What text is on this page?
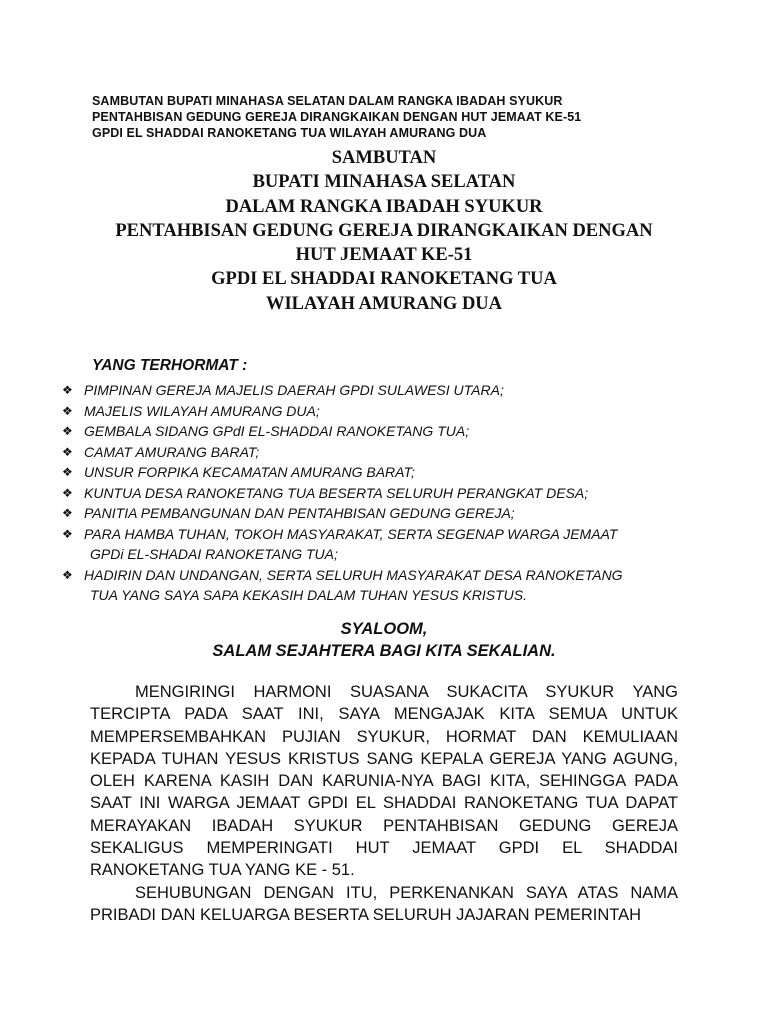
SAMBUTAN BUPATI MINAHASA SELATAN DALAM RANGKA IBADAH SYUKUR
PENTAHBISAN GEDUNG GEREJA DIRANGKAIKAN DENGAN HUT JEMAAT KE-51
GPDI EL SHADDAI RANOKETANG TUA WILAYAH AMURANG DUA
SAMBUTAN
BUPATI MINAHASA SELATAN
DALAM RANGKA IBADAH SYUKUR
PENTAHBISAN GEDUNG GEREJA DIRANGKAIKAN DENGAN
HUT JEMAAT KE-51
GPDI EL SHADDAI RANOKETANG TUA
WILAYAH AMURANG DUA
YANG TERHORMAT :
❖ PIMPINAN GEREJA MAJELIS DAERAH GPDI SULAWESI UTARA;
❖ MAJELIS WILAYAH AMURANG DUA;
❖ GEMBALA SIDANG GPdI EL-SHADDAI RANOKETANG TUA;
❖ CAMAT AMURANG BARAT;
❖ UNSUR FORPIKA KECAMATAN AMURANG BARAT;
❖ KUNTUA DESA RANOKETANG TUA BESERTA SELURUH PERANGKAT DESA;
❖ PANITIA PEMBANGUNAN DAN PENTAHBISAN GEDUNG GEREJA;
❖ PARA HAMBA TUHAN, TOKOH MASYARAKAT, SERTA SEGENAP WARGA JEMAAT
GPDi EL-SHADAI RANOKETANG TUA;
❖ HADIRIN DAN UNDANGAN, SERTA SELURUH MASYARAKAT DESA RANOKETANG
TUA YANG SAYA SAPA KEKASIH DALAM TUHAN YESUS KRISTUS.
SYALOOM,
SALAM SEJAHTERA BAGI KITA SEKALIAN.

MENGIRINGI HARMONI SUASANA SUKACITA SYUKUR YANG TERCIPTA PADA SAAT INI, SAYA MENGAJAK KITA SEMUA UNTUK MEMPERSEMBAHKAN PUJIAN SYUKUR, HORMAT DAN KEMULIAAN KEPADA TUHAN YESUS KRISTUS SANG KEPALA GEREJA YANG AGUNG, OLEH KARENA KASIH DAN KARUNIA-NYA BAGI KITA, SEHINGGA PADA SAAT INI WARGA JEMAAT GPDI EL SHADDAI RANOKETANG TUA DAPAT MERAYAKAN IBADAH SYUKUR PENTAHBISAN GEDUNG GEREJA SEKALIGUS MEMPERINGATI HUT JEMAAT GPDI EL SHADDAI RANOKETANG TUA YANG KE - 51.

SEHUBUNGAN DENGAN ITU, PERKENANKAN SAYA ATAS NAMA PRIBADI DAN KELUARGA BESERTA SELURUH JAJARAN PEMERINTAH
